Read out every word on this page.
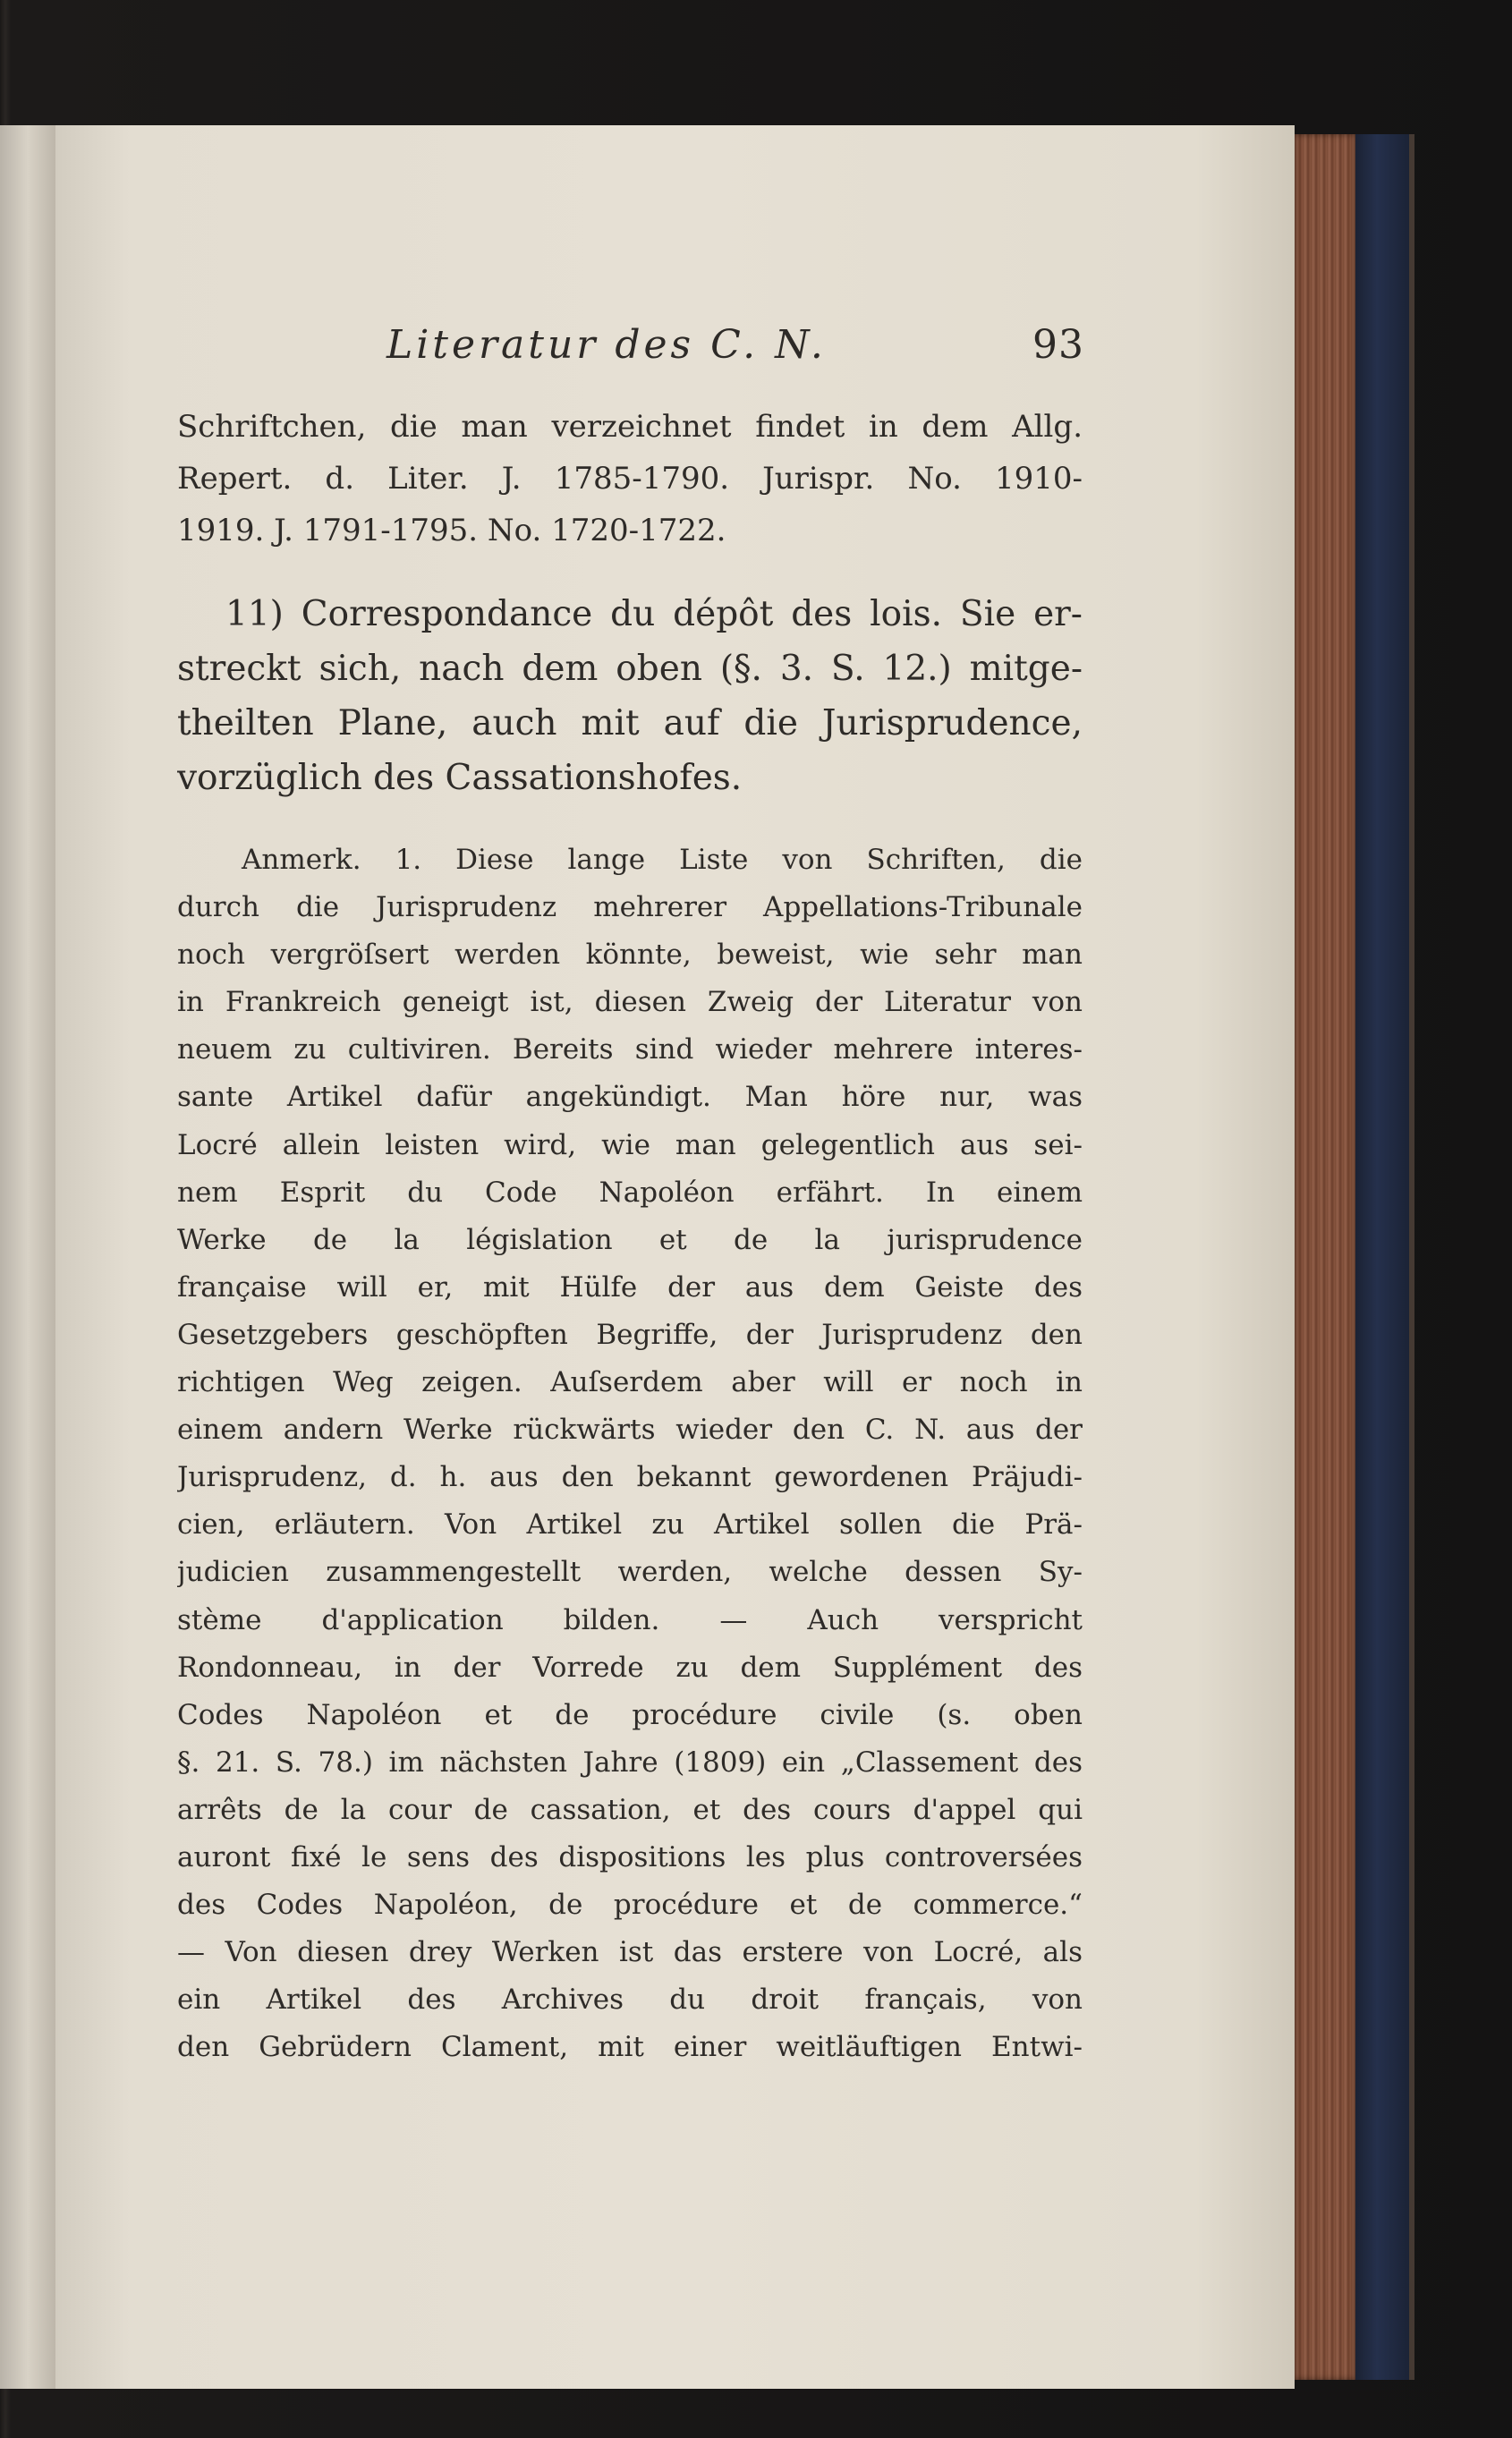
Literatur des C. N.	93
Schriftchen, die man verzeichnet findet in dem Allg.
Repert. d. Liter. J. 1785-1790. Jurispr. No. 1910-
1919. J. 1791-1795. No. 1720-1722.
11) Correspondance du dépôt des lois. Sie er-
streckt sich, nach dem oben (§. 3. S. 12.) mitge-
theilten Plane, auch mit auf die Jurisprudence,
vorzüglich des Cassationshofes.
Anmerk. 1. Diese lange Liste von Schriften, die
durch die Jurisprudenz mehrerer Appellations-Tribunale
noch vergröſsert werden könnte, beweist, wie sehr man
in Frankreich geneigt ist, diesen Zweig der Literatur von
neuem zu cultiviren. Bereits sind wieder mehrere interes-
sante Artikel dafür angekündigt. Man höre nur, was
Locré allein leisten wird, wie man gelegentlich aus sei-
nem Esprit du Code Napoléon erfährt. In einem
Werke de la législation et de la jurisprudence
française will er, mit Hülfe der aus dem Geiste des
Gesetzgebers geschöpften Begriffe, der Jurisprudenz den
richtigen Weg zeigen. Auſserdem aber will er noch in
einem andern Werke rückwärts wieder den C. N. aus der
Jurisprudenz, d. h. aus den bekannt gewordenen Präjudi-
cien, erläutern. Von Artikel zu Artikel sollen die Prä-
judicien zusammengestellt werden, welche dessen Sy-
stème d'application bilden. — Auch verspricht
Rondonneau, in der Vorrede zu dem Supplément des
Codes Napoléon et de procédure civile (s. oben
§. 21. S. 78.) im nächsten Jahre (1809) ein „Classement des
arrêts de la cour de cassation, et des cours d'appel qui
auront fixé le sens des dispositions les plus controversées
des Codes Napoléon, de procédure et de commerce.“
— Von diesen drey Werken ist das erstere von Locré, als
ein Artikel des Archives du droit français, von
den Gebrüdern Clament, mit einer weitläuftigen Entwi-
